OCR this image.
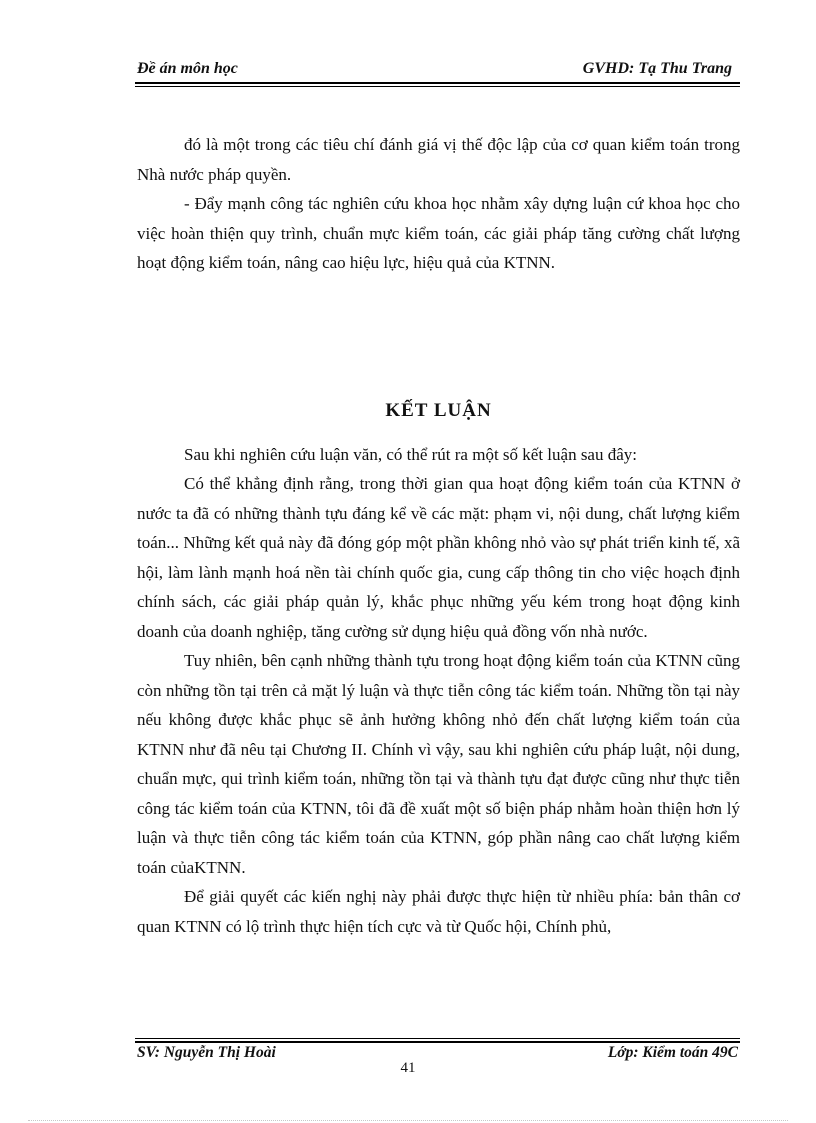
Đề án môn học	GVHD: Tạ Thu Trang

đó là một trong các tiêu chí đánh giá vị thế độc lập của cơ quan kiểm toán trong Nhà nước pháp quyền.

- Đẩy mạnh công tác nghiên cứu khoa học nhằm xây dựng luận cứ khoa học cho việc hoàn thiện quy trình, chuẩn mực kiểm toán, các giải pháp tăng cường chất lượng hoạt động kiểm toán, nâng cao hiệu lực, hiệu quả của KTNN.

KẾT LUẬN

Sau khi nghiên cứu luận văn, có thể rút ra một số kết luận sau đây:

Có thể khẳng định rằng, trong thời gian qua hoạt động kiểm toán của KTNN ở nước ta đã có những thành tựu đáng kể về các mặt: phạm vi, nội dung, chất lượng kiểm toán... Những kết quả này đã đóng góp một phần không nhỏ vào sự phát triển kinh tế, xã hội, làm lành mạnh hoá nền tài chính quốc gia, cung cấp thông tin cho việc hoạch định chính sách, các giải pháp quản lý, khắc phục những yếu kém trong hoạt động kinh doanh của doanh nghiệp, tăng cường sử dụng hiệu quả đồng vốn nhà nước.

Tuy nhiên, bên cạnh những thành tựu trong hoạt động kiểm toán của KTNN cũng còn những tồn tại trên cả mặt lý luận và thực tiễn công tác kiểm toán. Những tồn tại này nếu không được khắc phục sẽ ảnh hưởng không nhỏ đến chất lượng kiểm toán của KTNN như đã nêu tại Chương II. Chính vì vậy, sau khi nghiên cứu pháp luật, nội dung, chuẩn mực, qui trình kiểm toán, những tồn tại và thành tựu đạt được cũng như thực tiễn công tác kiểm toán của KTNN, tôi đã đề xuất một số biện pháp nhằm hoàn thiện hơn lý luận và thực tiễn công tác kiểm toán của KTNN, góp phần nâng cao chất lượng kiểm toán củaKTNN.

Để giải quyết các kiến nghị này phải được thực hiện từ nhiều phía: bản thân cơ quan KTNN có lộ trình thực hiện tích cực và từ Quốc hội, Chính phủ,

SV: Nguyễn Thị Hoài	Lớp: Kiểm toán 49C
41
